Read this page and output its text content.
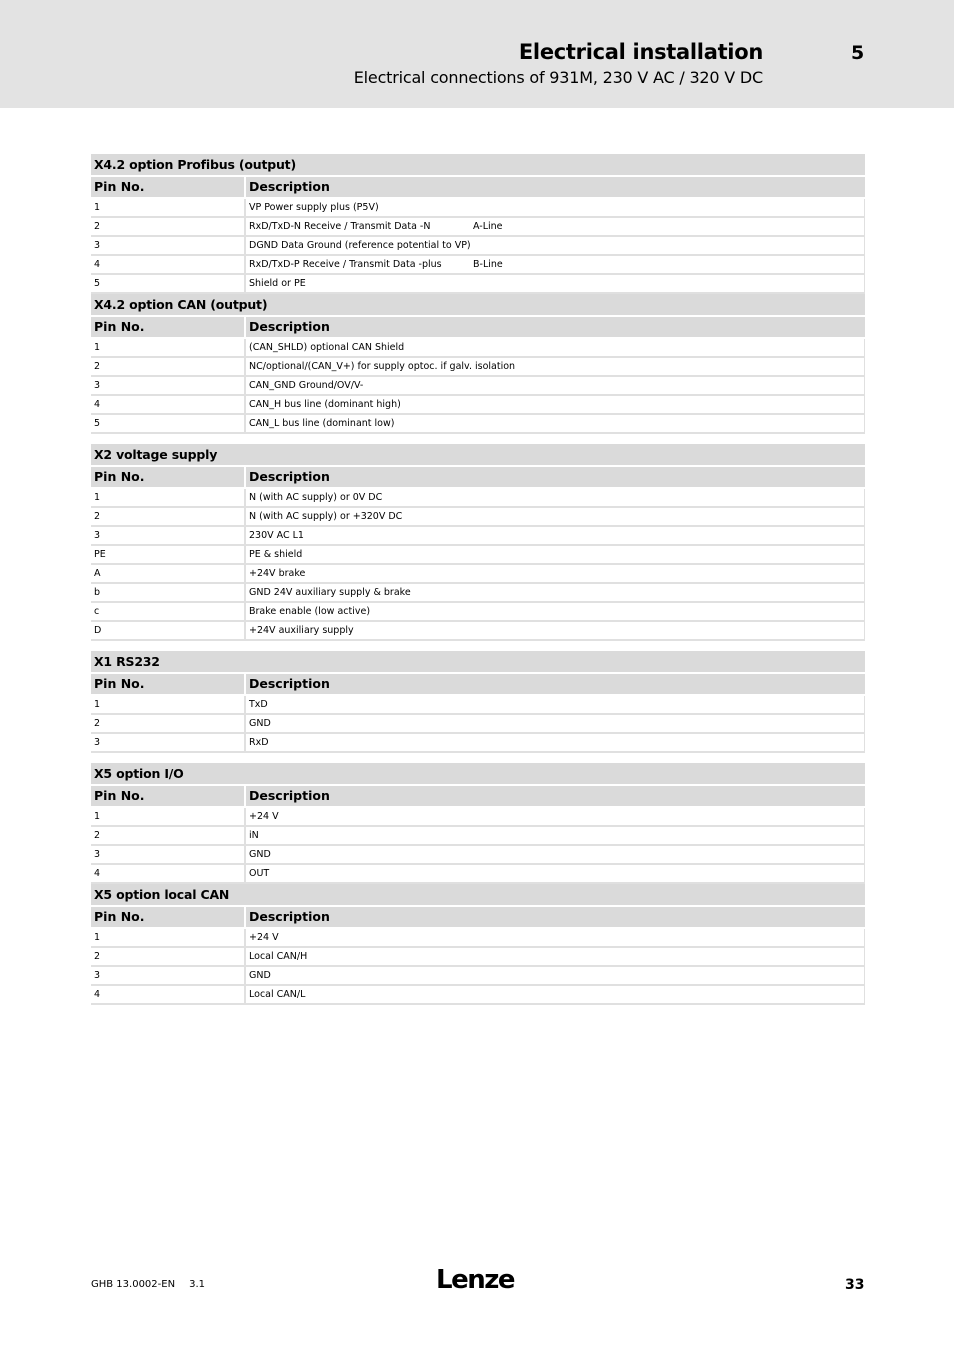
Electrical installation	5
Electrical connections of 931M, 230 V AC / 320 V DC
X4.2 option Profibus (output)
Pin No.	Description
1	VP Power supply plus (P5V)
2	RxD/TxD-N Receive / Transmit Data -N	A-Line
3	DGND Data Ground (reference potential to VP)
4	RxD/TxD-P Receive / Transmit Data -plus	B-Line
5	Shield or PE
X4.2 option CAN (output)
Pin No.	Description
1	(CAN_SHLD) optional CAN Shield
2	NC/optional/(CAN_V+) for supply optoc. if galv. isolation
3	CAN_GND Ground/OV/V-
4	CAN_H bus line (dominant high)
5	CAN_L bus line (dominant low)
X2 voltage supply
Pin No.	Description
1	N (with AC supply) or 0V DC
2	N (with AC supply) or +320V DC
3	230V AC L1
PE	PE & shield
A	+24V brake
b	GND 24V auxiliary supply & brake
c	Brake enable (low active)
D	+24V auxiliary supply
X1 RS232
Pin No.	Description
1	TxD
2	GND
3	RxD
X5 option I/O
Pin No.	Description
1	+24 V
2	iN
3	GND
4	OUT
X5 option local CAN
Pin No.	Description
1	+24 V
2	Local CAN/H
3	GND
4	Local CAN/L
GHB 13.0002-EN 3.1	Lenze	33
